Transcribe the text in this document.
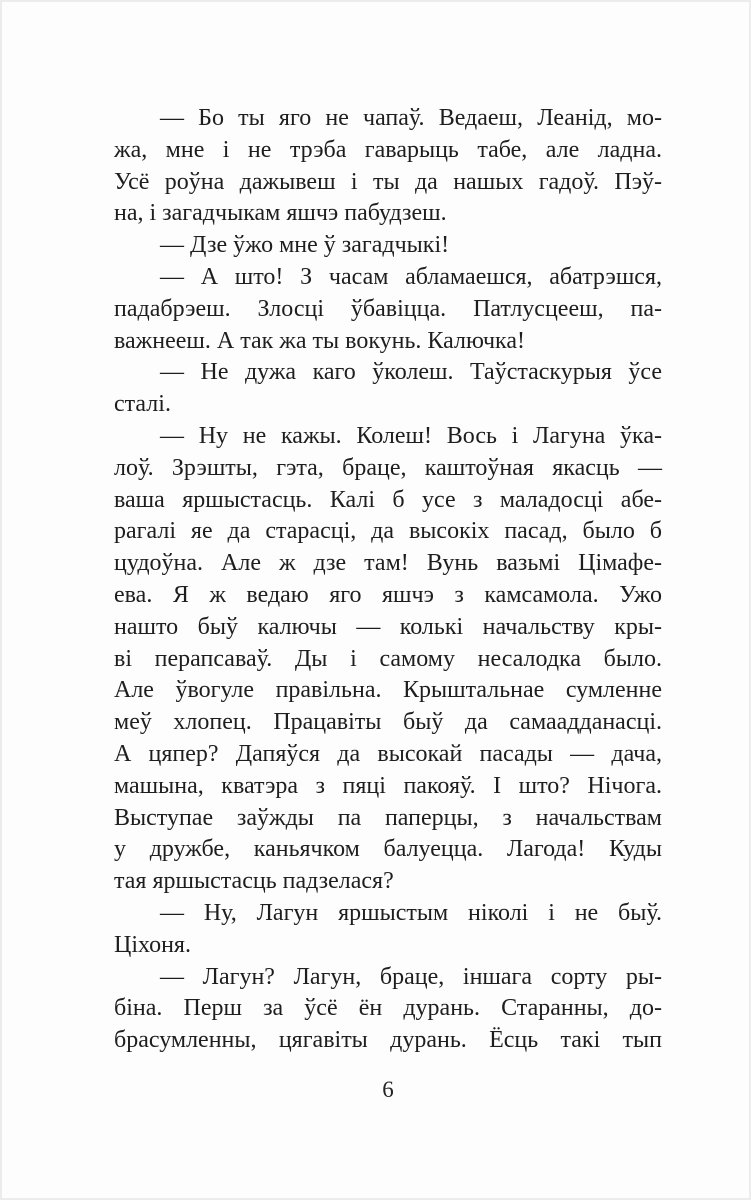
— Бо ты яго не чапаў. Ведаеш, Леанід, мо-
жа, мне і не трэба гаварыць табе, але ладна.
Усё роўна дажывеш і ты да нашых гадоў. Пэў-
на, і загадчыкам яшчэ пабудзеш.
— Дзе ўжо мне ў загадчыкі!
— А што! З часам абламаешся, абатрэшся,
падабрэеш. Злосці ўбавіцца. Патлусцееш, па-
важнееш. А так жа ты вокунь. Калючка!
— Не дужа каго ўколеш. Таўстаскурыя ўсе
сталі.
— Ну не кажы. Колеш! Вось і Лагуна ўка-
лоў. Зрэшты, гэта, браце, каштоўная якасць —
ваша яршыстасць. Калі б усе з маладосці абе-
рагалі яе да старасці, да высокіх пасад, было б
цудоўна. Але ж дзе там! Вунь вазьмі Цімафе-
ева. Я ж ведаю яго яшчэ з камсамола. Ужо
нашто быў калючы — колькі начальству кры-
ві перапсаваў. Ды і самому несалодка было.
Але ўвогуле правільна. Крыштальнае сумленне
меў хлопец. Працавіты быў да самаадданасці.
А цяпер? Дапяўся да высокай пасады — дача,
машына, кватэра з пяці пакояў. І што? Нічога.
Выступае заўжды па паперцы, з начальствам
у дружбе, каньячком балуецца. Лагода! Куды
тая яршыстасць падзелася?
— Ну, Лагун яршыстым ніколі і не быў.
Ціхоня.
— Лагун? Лагун, браце, іншага сорту ры-
біна. Перш за ўсё ён дурань. Старанны, до-
брасумленны, цягавіты дурань. Ёсць такі тып
6
